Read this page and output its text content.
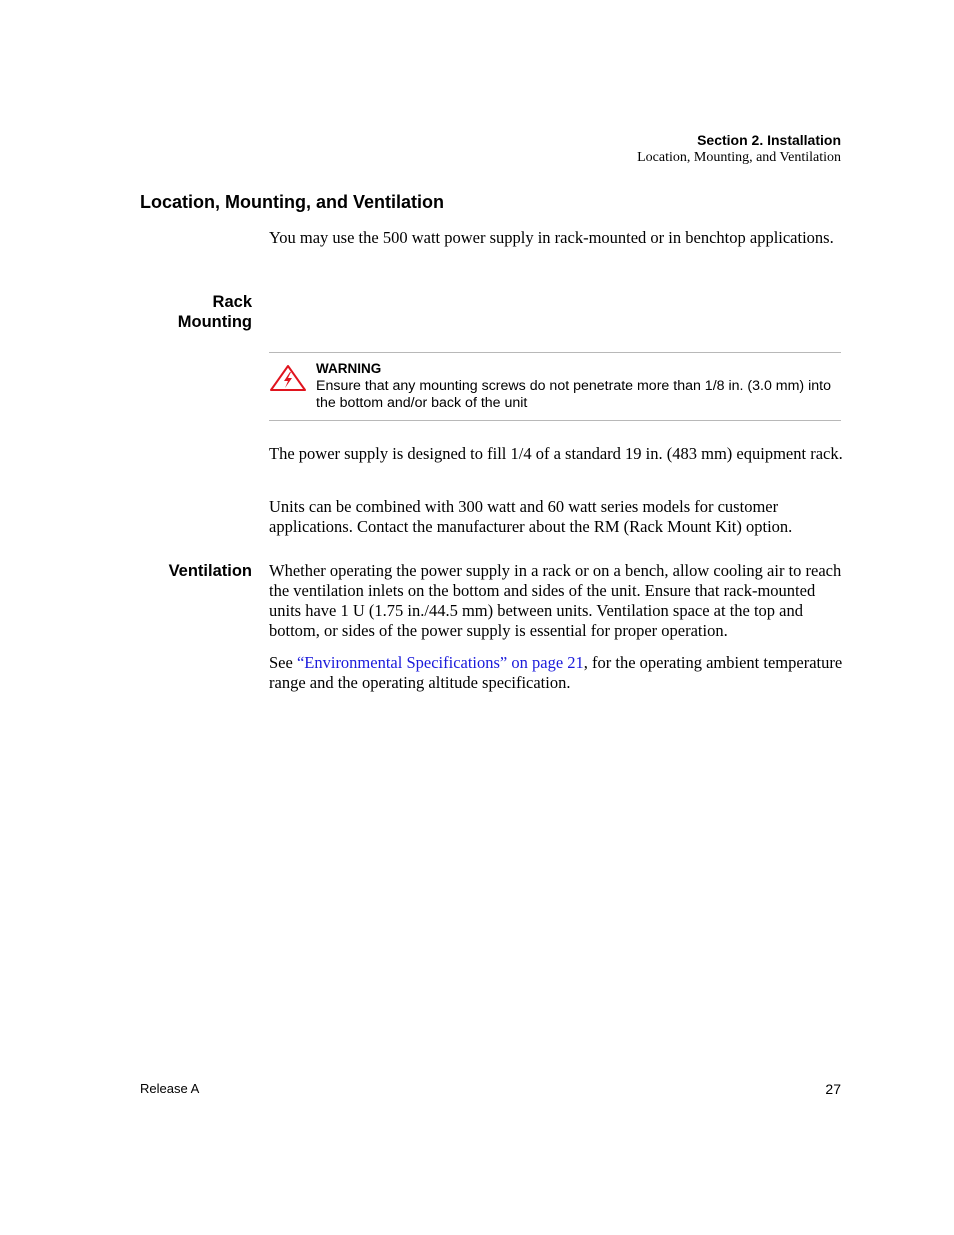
Section 2. Installation
Location, Mounting, and Ventilation
Location, Mounting, and Ventilation

You may use the 500 watt power supply in rack-mounted or in benchtop applications.

Rack
Mounting
WARNING
Ensure that any mounting screws do not penetrate more than 1/8 in. (3.0 mm) into the bottom and/or back of the unit

The power supply is designed to fill 1/4 of a standard 19 in. (483 mm) equipment rack.

Units can be combined with 300 watt and 60 watt series models for customer applications. Contact the manufacturer about the RM (Rack Mount Kit) option.

Ventilation Whether operating the power supply in a rack or on a bench, allow cooling air to reach the ventilation inlets on the bottom and sides of the unit. Ensure that rack-mounted units have 1 U (1.75 in./44.5 mm) between units. Ventilation space at the top and bottom, or sides of the power supply is essential for proper operation.

See “Environmental Specifications” on page 21, for the operating ambient temperature range and the operating altitude specification.

Release A	27
